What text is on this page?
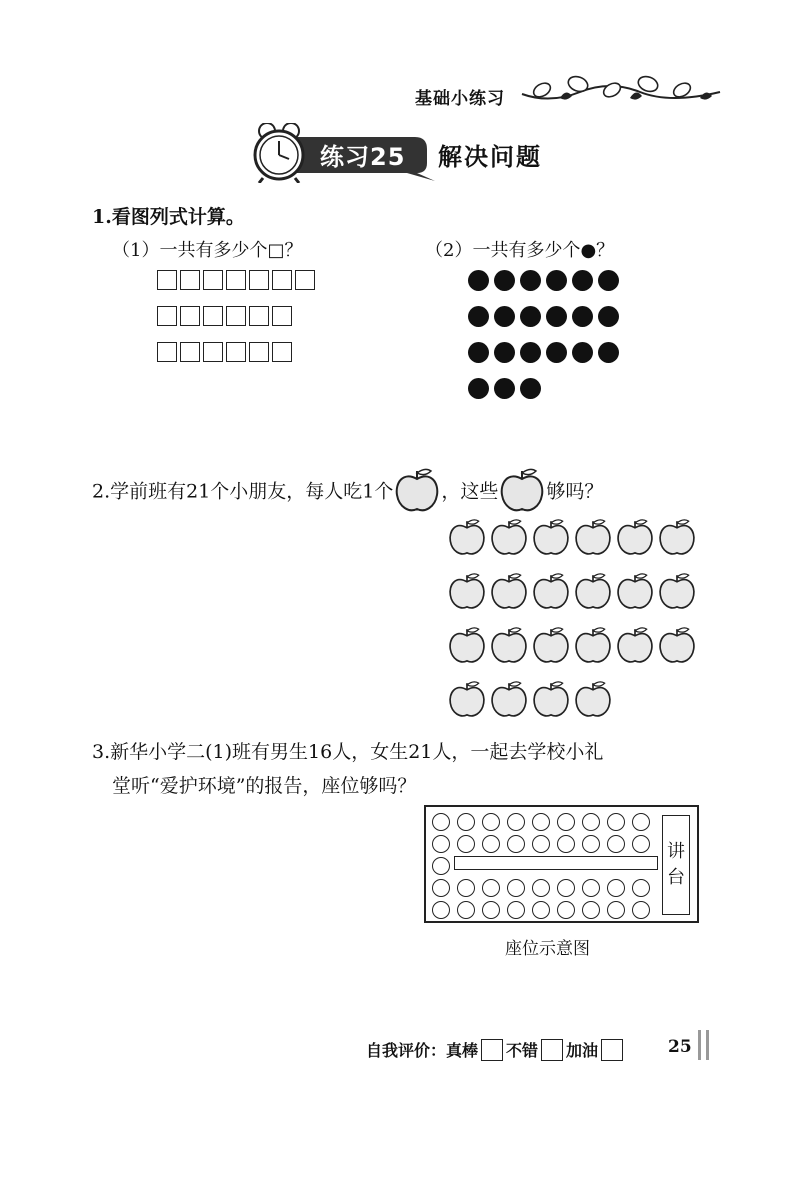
基础小练习
练习25 解决问题
1.看图列式计算。
（1）一共有多少个□？	（2）一共有多少个●？
2.学前班有21个小朋友，每人吃1个	，这些	够吗？
3.新华小学二(1)班有男生16人，女生21人，一起去学校小礼
堂听“爱护环境”的报告，座位够吗？
讲
台
座位示意图
自我评价： 真棒 不错 加油	25
